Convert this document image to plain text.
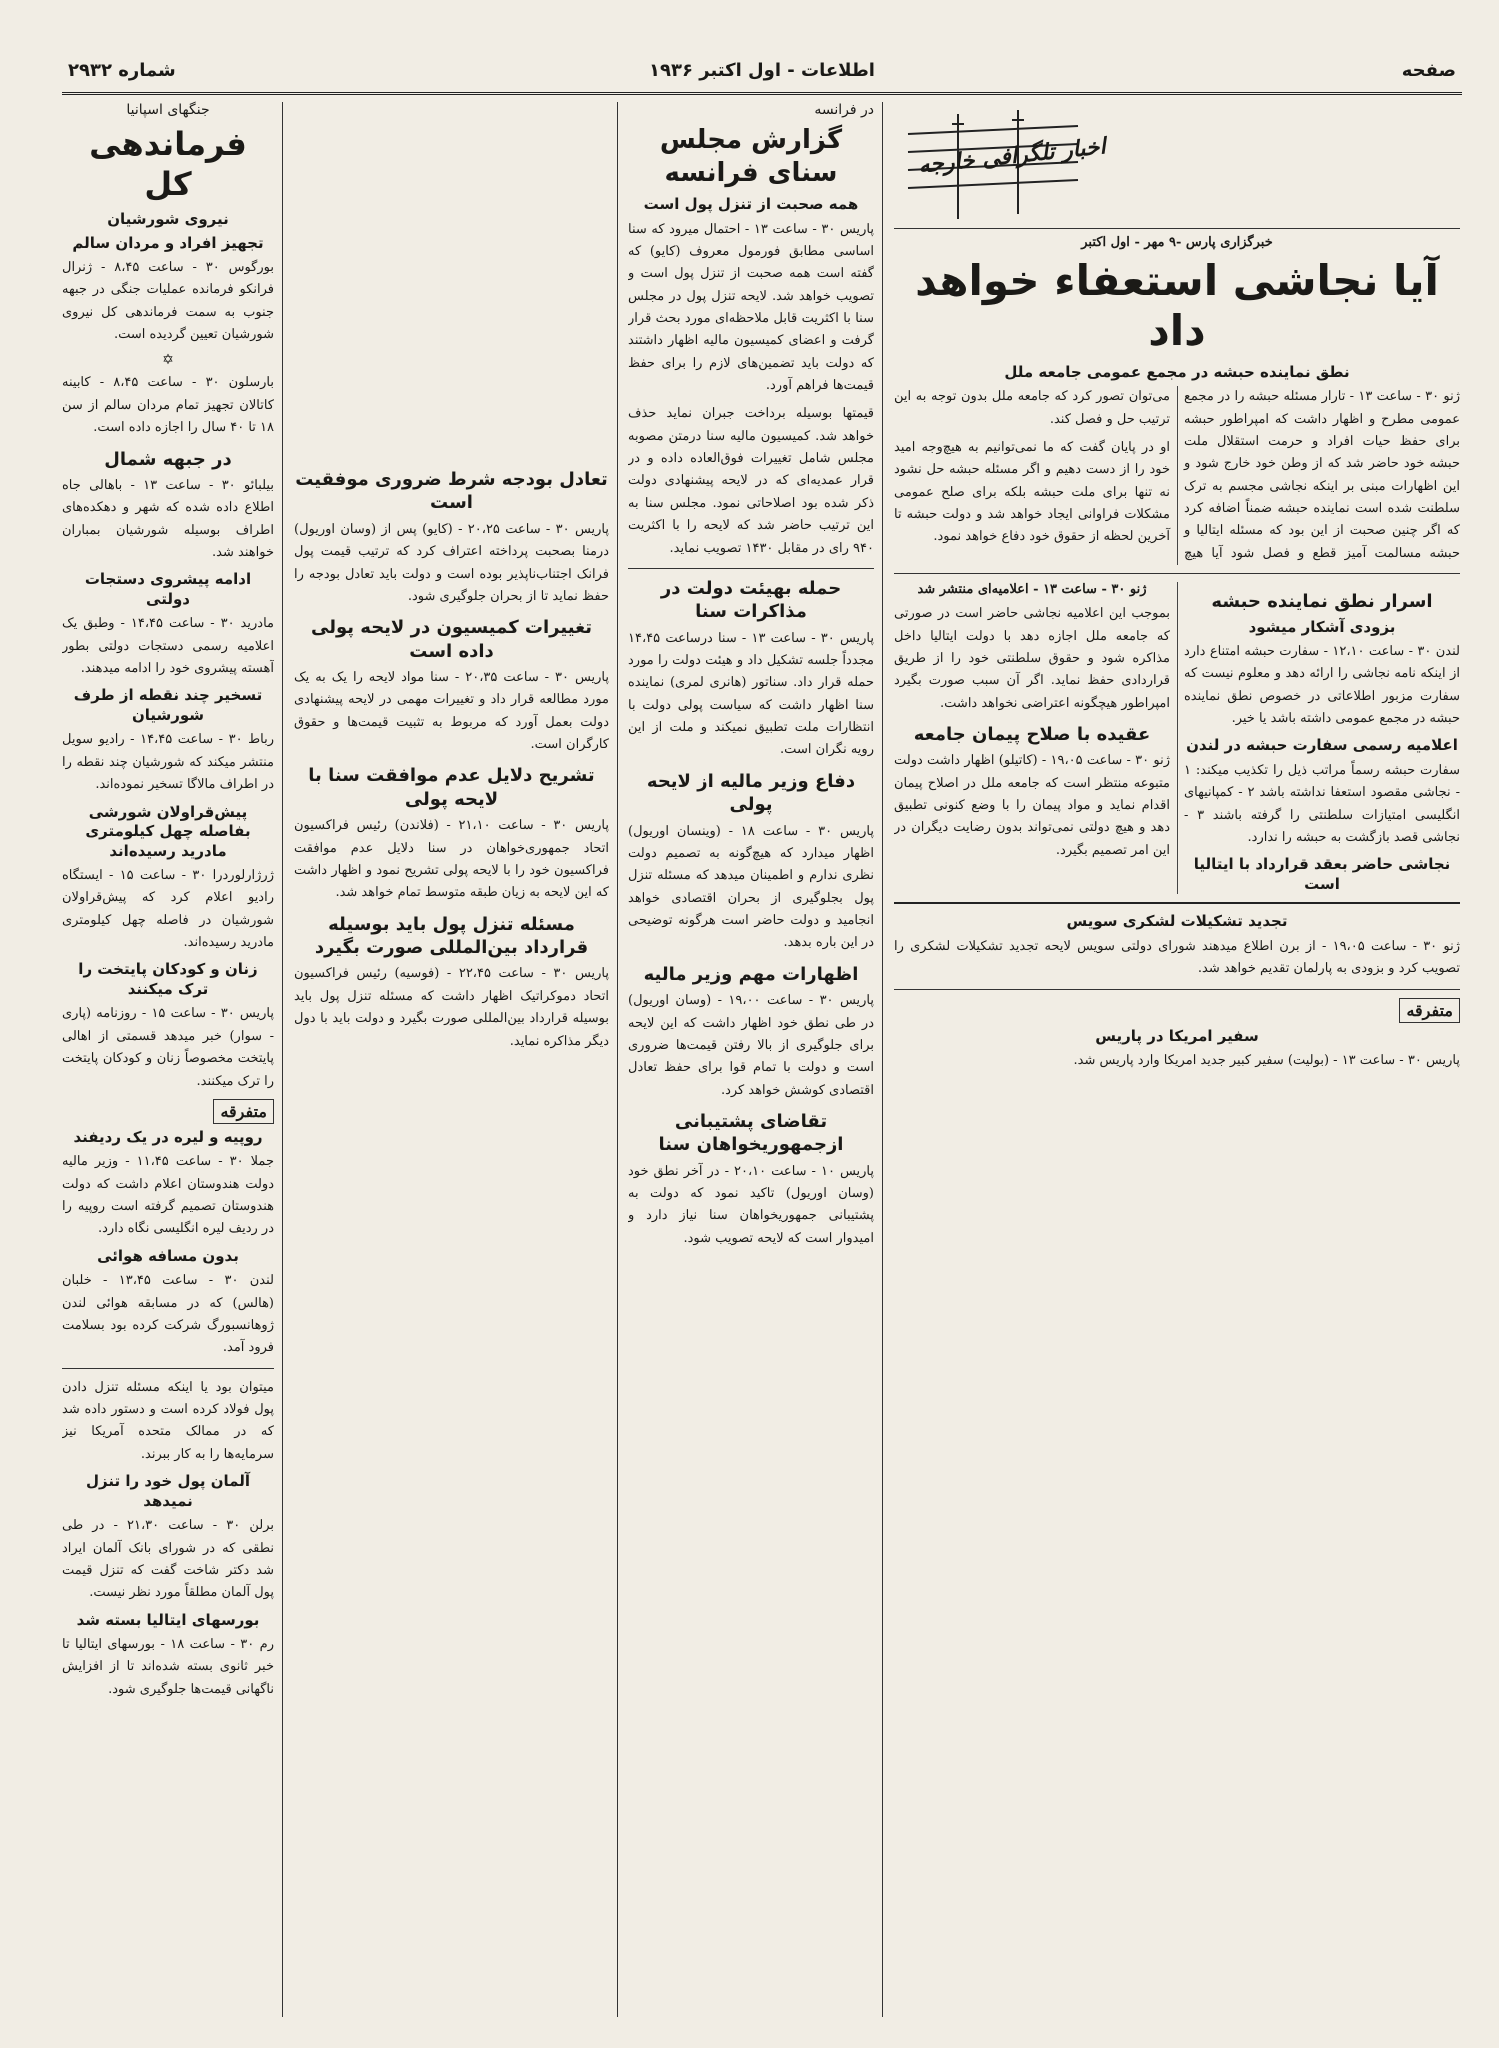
شماره ۲۹۳۲	اطلاعات - اول اکتبر ۱۹۳۶	صفحه
اخبار تلگرافی خارجه
خبرگزاری پارس -۹ مهر - اول اکتبر
آیا نجاشی استعفاء خواهد داد
نطق نماینده حبشه در مجمع عمومی جامعه ملل

ژنو ۳۰ - ساعت ۱۳ - تارار مسئله حبشه را در مجمع عمومی مطرح و اظهار داشت که امپراطور حبشه برای حفظ حیات افراد و حرمت استقلال ملت حبشه خود حاضر شد که از وطن خود خارج شود و این اظهارات مبنی بر اینکه نجاشی مجسم به ترک سلطنت شده است نماینده حبشه ضمناً اضافه کرد که اگر چنین صحبت از این بود که مسئله ایتالیا و حبشه مسالمت آمیز قطع و فصل شود آیا هیچ می‌توان تصور کرد که جامعه ملل بدون توجه به این ترتیب حل و فصل کند.

او در پایان گفت که ما نمی‌توانیم به هیچ‌وجه امید خود را از دست دهیم و اگر مسئله حبشه حل نشود نه تنها برای ملت حبشه بلکه برای صلح عمومی مشکلات فراوانی ایجاد خواهد شد و دولت حبشه تا آخرین لحظه از حقوق خود دفاع خواهد نمود.

اسرار نطق نماینده حبشه
بزودی آشکار میشود

لندن ۳۰ - ساعت ۱۲،۱۰ - سفارت حبشه امتناع دارد از اینکه نامه نجاشی را ارائه دهد و معلوم نیست که سفارت مزبور اطلاعاتی در خصوص نطق نماینده حبشه در مجمع عمومی داشته باشد یا خیر.

اعلامیه رسمی سفارت حبشه در لندن

سفارت حبشه رسماً مراتب ذیل را تکذیب میکند: ۱ - نجاشی مقصود استعفا نداشته باشد ۲ - کمپانیهای انگلیسی امتیازات سلطنتی را گرفته باشند ۳ - نجاشی قصد بازگشت به حبشه را ندارد.

نجاشی حاضر بعقد قرارداد با ایتالیا است
ژنو ۳۰ - ساعت ۱۳ - اعلامیه‌ای منتشر شد

بموجب این اعلامیه نجاشی حاضر است در صورتی که جامعه ملل اجازه دهد با دولت ایتالیا داخل مذاکره شود و حقوق سلطنتی خود را از طریق قراردادی حفظ نماید. اگر آن سبب صورت بگیرد امپراطور هیچگونه اعتراضی نخواهد داشت.

عقیده با صلاح پیمان جامعه

ژنو ۳۰ - ساعت ۱۹،۰۵ - (کاتیلو) اظهار داشت دولت متبوعه منتظر است که جامعه ملل در اصلاح پیمان اقدام نماید و مواد پیمان را با وضع کنونی تطبیق دهد و هیچ دولتی نمی‌تواند بدون رضایت دیگران در این امر تصمیم بگیرد.

تجدید تشکیلات لشکری سویس

ژنو ۳۰ - ساعت ۱۹،۰۵ - از برن اطلاع میدهند شورای دولتی سویس لایحه تجدید تشکیلات لشکری را تصویب کرد و بزودی به پارلمان تقدیم خواهد شد.

متفرقه
سفیر امریکا در پاریس

پاریس ۳۰ - ساعت ۱۳ - (بولیت) سفیر کبیر جدید امریکا وارد پاریس شد.

در فرانسه
گزارش مجلس سنای فرانسه
همه صحبت از تنزل پول است

پاریس ۳۰ - ساعت ۱۳ - احتمال میرود که سنا اساسی مطابق فورمول معروف (کایو) که گفته است همه صحبت از تنزل پول است و تصویب خواهد شد. لایحه تنزل پول در مجلس سنا با اکثریت قابل ملاحظه‌ای مورد بحث قرار گرفت و اعضای کمیسیون مالیه اظهار داشتند که دولت باید تضمین‌های لازم را برای حفظ قیمت‌ها فراهم آورد.

قیمتها بوسیله برداخت جبران نماید حذف خواهد شد. کمیسیون مالیه سنا درمتن مصوبه مجلس شامل تغییرات فوق‌العاده داده و در قرار عمدیه‌ای که در لایحه پیشنهادی دولت ذکر شده بود اصلاحاتی نمود. مجلس سنا به این ترتیب حاضر شد که لایحه را با اکثریت ۹۴۰ رای در مقابل ۱۴۳۰ تصویب نماید.

حمله بهیئت دولت در مذاکرات سنا

پاریس ۳۰ - ساعت ۱۳ - سنا درساعت ۱۴،۴۵ مجدداً جلسه تشکیل داد و هیئت دولت را مورد حمله قرار داد. سناتور (هانری لمری) نماینده سنا اظهار داشت که سیاست پولی دولت با انتظارات ملت تطبیق نمیکند و ملت از این رویه نگران است.

دفاع وزیر مالیه از لایحه پولی

پاریس ۳۰ - ساعت ۱۸ - (وینسان اوریول) اظهار میدارد که هیچ‌گونه به تصمیم دولت نظری ندارم و اطمینان میدهد که مسئله تنزل پول بجلوگیری از بحران اقتصادی خواهد انجامید و دولت حاضر است هرگونه توضیحی در این باره بدهد.

اظهارات مهم وزیر مالیه

پاریس ۳۰ - ساعت ۱۹،۰۰ - (وسان اوریول) در طی نطق خود اظهار داشت که این لایحه برای جلوگیری از بالا رفتن قیمت‌ها ضروری است و دولت با تمام قوا برای حفظ تعادل اقتصادی کوشش خواهد کرد.

تقاضای پشتیبانی ازجمهوریخواهان سنا

پاریس ۱۰ - ساعت ۲۰،۱۰ - در آخر نطق خود (وسان اوریول) تاکید نمود که دولت به پشتیبانی جمهوریخواهان سنا نیاز دارد و امیدوار است که لایحه تصویب شود.

تعادل بودجه شرط ضروری موفقیت است

پاریس ۳۰ - ساعت ۲۰،۲۵ - (کایو) پس از (وسان اوریول) درمنا بصحبت پرداخته اعتراف کرد که ترتیب قیمت پول فرانک اجتناب‌ناپذیر بوده است و دولت باید تعادل بودجه را حفظ نماید تا از بحران جلوگیری شود.

تغییرات کمیسیون در لایحه پولی داده است

پاریس ۳۰ - ساعت ۲۰،۳۵ - سنا مواد لایحه را یک به یک مورد مطالعه قرار داد و تغییرات مهمی در لایحه پیشنهادی دولت بعمل آورد که مربوط به تثبیت قیمت‌ها و حقوق کارگران است.

تشریح دلایل عدم موافقت سنا با لایحه پولی

پاریس ۳۰ - ساعت ۲۱،۱۰ - (فلاندن) رئیس فراکسیون اتحاد جمهوری‌خواهان در سنا دلایل عدم موافقت فراکسیون خود را با لایحه پولی تشریح نمود و اظهار داشت که این لایحه به زیان طبقه متوسط تمام خواهد شد.

مسئله تنزل پول باید بوسیله قرارداد بین‌المللی صورت بگیرد

پاریس ۳۰ - ساعت ۲۲،۴۵ - (فوسیه) رئیس فراکسیون اتحاد دموکراتیک اظهار داشت که مسئله تنزل پول باید بوسیله قرارداد بین‌المللی صورت بگیرد و دولت باید با دول دیگر مذاکره نماید.

جنگهای اسپانیا
فرماندهی کل
نیروی شورشیان
تجهیز افراد و مردان سالم

بورگوس ۳۰ - ساعت ۸،۴۵ - ژنرال فرانکو فرمانده عملیات جنگی در جبهه جنوب به سمت فرماندهی کل نیروی شورشیان تعیین گردیده است.

✡

بارسلون ۳۰ - ساعت ۸،۴۵ - کابینه کاتالان تجهیز تمام مردان سالم از سن ۱۸ تا ۴۰ سال را اجازه داده است.

در جبهه شمال

بیلبائو ۳۰ - ساعت ۱۳ - باهالی جاه اطلاع داده شده که شهر و دهکده‌های اطراف بوسیله شورشیان بمباران خواهند شد.

ادامه پیشروی دستجات دولتی

مادرید ۳۰ - ساعت ۱۴،۴۵ - وطبق یک اعلامیه رسمی دستجات دولتی بطور آهسته پیشروی خود را ادامه میدهند.

تسخیر چند نقطه از طرف شورشیان

رباط ۳۰ - ساعت ۱۴،۴۵ - رادیو سویل منتشر میکند که شورشیان چند نقطه را در اطراف مالاگا تسخیر نموده‌اند.

پیش‌قراولان شورشی بفاصله چهل کیلومتری مادرید رسیده‌اند

ژرژارلوردرا ۳۰ - ساعت ۱۵ - ایستگاه رادیو اعلام کرد که پیش‌قراولان شورشیان در فاصله چهل کیلومتری مادرید رسیده‌اند.

زنان و کودکان پایتخت را ترک میکنند

پاریس ۳۰ - ساعت ۱۵ - روزنامه (پاری - سوار) خبر میدهد قسمتی از اهالی پایتخت مخصوصاً زنان و کودکان پایتخت را ترک میکنند.

متفرقه
روپیه و لیره در یک ردیفند

جملا ۳۰ - ساعت ۱۱،۴۵ - وزیر مالیه دولت هندوستان اعلام داشت که دولت هندوستان تصمیم گرفته است روپیه را در ردیف لیره انگلیسی نگاه دارد.

بدون مسافه هوائی

لندن ۳۰ - ساعت ۱۳،۴۵ - خلبان (هالس) که در مسابقه هوائی لندن ژوهانسبورگ شرکت کرده بود بسلامت فرود آمد.

میتوان بود یا اینکه مسئله تنزل دادن پول فولاد کرده است و دستور داده شد که در ممالک متحده آمریکا نیز سرمایه‌ها را به کار ببرند.

آلمان پول خود را تنزل نمیدهد

برلن ۳۰ - ساعت ۲۱،۳۰ - در طی نطقی که در شورای بانک آلمان ایراد شد دکتر شاخت گفت که تنزل قیمت پول آلمان مطلقاً مورد نظر نیست.

بورسهای ایتالیا بسته شد

رم ۳۰ - ساعت ۱۸ - بورسهای ایتالیا تا خبر ثانوی بسته شده‌اند تا از افزایش ناگهانی قیمت‌ها جلوگیری شود.
